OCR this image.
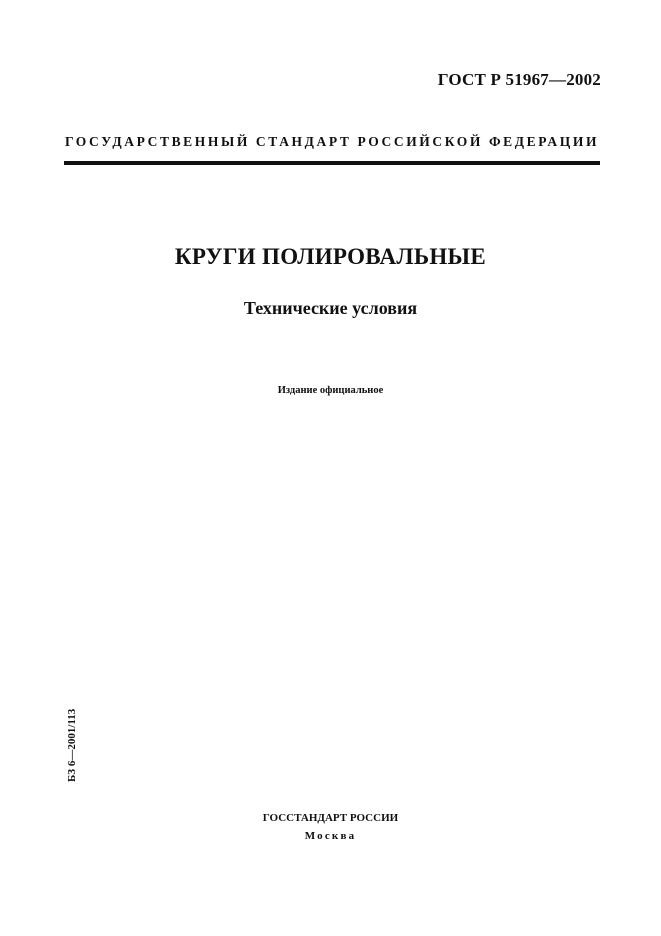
ГОСТ Р 51967—2002
ГОСУДАРСТВЕННЫЙ СТАНДАРТ РОССИЙСКОЙ ФЕДЕРАЦИИ
КРУГИ ПОЛИРОВАЛЬНЫЕ
Технические условия
Издание официальное
БЗ 6—2001/113
ГОССТАНДАРТ РОССИИ
Москва
